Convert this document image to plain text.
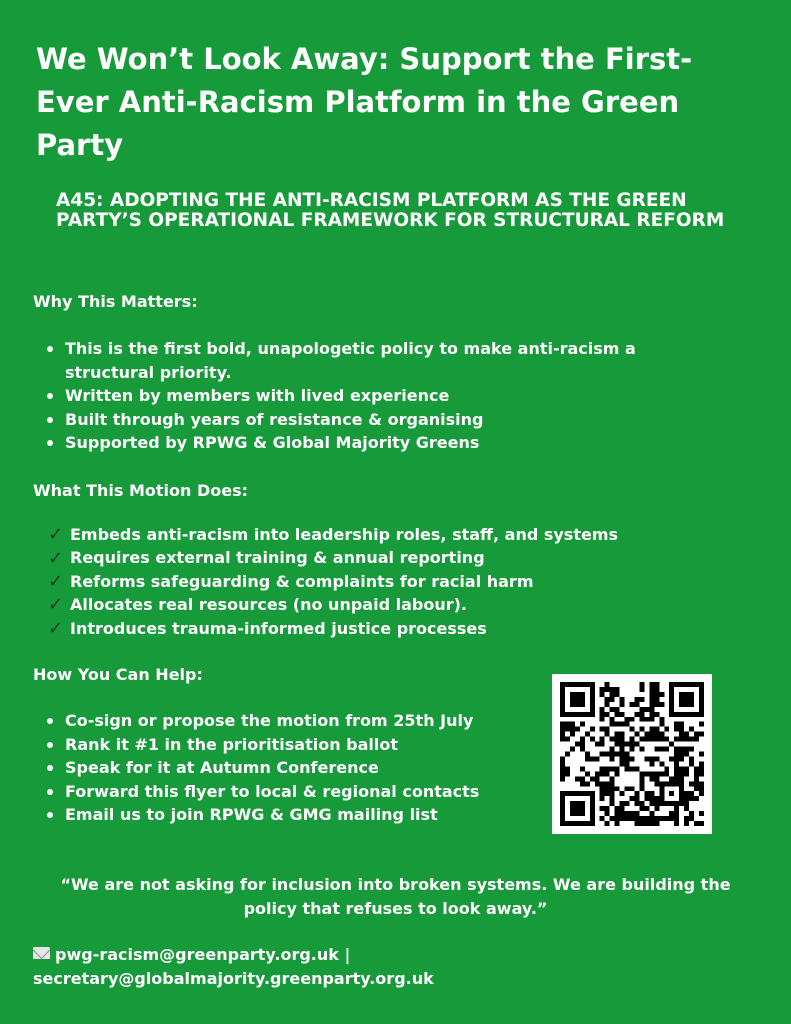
We Won’t Look Away: Support the First-Ever Anti-Racism Platform in the Green Party
A45: ADOPTING THE ANTI-RACISM PLATFORM AS THE GREEN PARTY’S OPERATIONAL FRAMEWORK FOR STRUCTURAL REFORM
Why This Matters:
This is the first bold, unapologetic policy to make anti-racism a structural priority.
Written by members with lived experience
Built through years of resistance & organising
Supported by RPWG & Global Majority Greens
What This Motion Does:
✓ Embeds anti-racism into leadership roles, staff, and systems
✓ Requires external training & annual reporting
✓ Reforms safeguarding & complaints for racial harm
✓ Allocates real resources (no unpaid labour).
✓ Introduces trauma-informed justice processes
How You Can Help:
Co-sign or propose the motion from 25th July
Rank it #1 in the prioritisation ballot
Speak for it at Autumn Conference
Forward this flyer to local & regional contacts
Email us to join RPWG & GMG mailing list

“We are not asking for inclusion into broken systems. We are building the policy that refuses to look away.”

pwg-racism@greenparty.org.uk |
secretary@globalmajority.greenparty.org.uk
